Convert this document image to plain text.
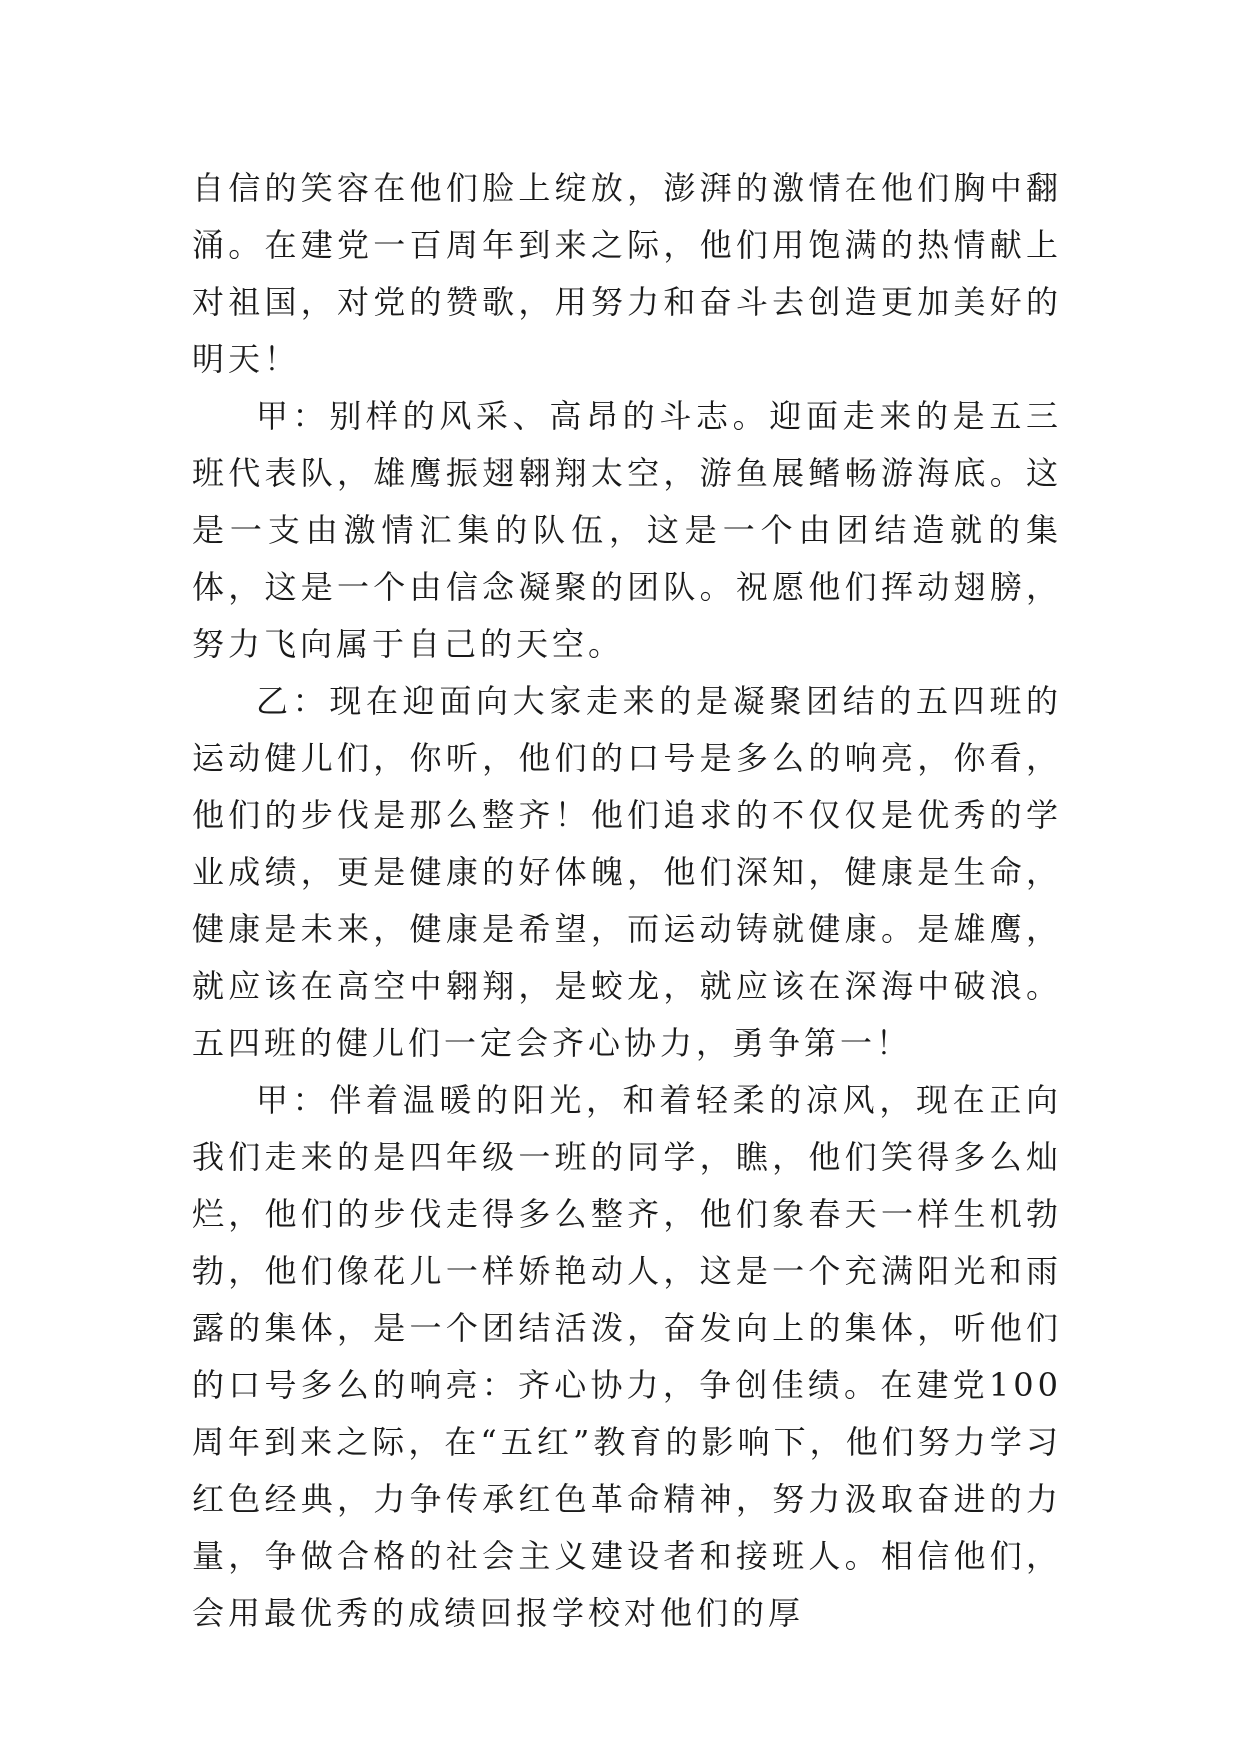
自信的笑容在他们脸上绽放，澎湃的激情在他们胸中翻涌。在建党一百周年到来之际，他们用饱满的热情献上对祖国，对党的赞歌，用努力和奋斗去创造更加美好的明天！

甲：别样的风采、高昂的斗志。迎面走来的是五三班代表队，雄鹰振翅翱翔太空，游鱼展鳍畅游海底。这是一支由激情汇集的队伍，这是一个由团结造就的集体，这是一个由信念凝聚的团队。祝愿他们挥动翅膀，努力飞向属于自己的天空。

乙：现在迎面向大家走来的是凝聚团结的五四班的运动健儿们，你听，他们的口号是多么的响亮，你看，他们的步伐是那么整齐！他们追求的不仅仅是优秀的学业成绩，更是健康的好体魄，他们深知，健康是生命，健康是未来，健康是希望，而运动铸就健康。是雄鹰，就应该在高空中翱翔，是蛟龙，就应该在深海中破浪。五四班的健儿们一定会齐心协力，勇争第一！

甲：伴着温暖的阳光，和着轻柔的凉风，现在正向我们走来的是四年级一班的同学，瞧，他们笑得多么灿烂，他们的步伐走得多么整齐，他们象春天一样生机勃勃，他们像花儿一样娇艳动人，这是一个充满阳光和雨露的集体，是一个团结活泼，奋发向上的集体，听他们的口号多么的响亮：齐心协力，争创佳绩。在建党100周年到来之际，在“五红”教育的影响下，他们努力学习红色经典，力争传承红色革命精神，努力汲取奋进的力量，争做合格的社会主义建设者和接班人。相信他们，会用最优秀的成绩回报学校对他们的厚
